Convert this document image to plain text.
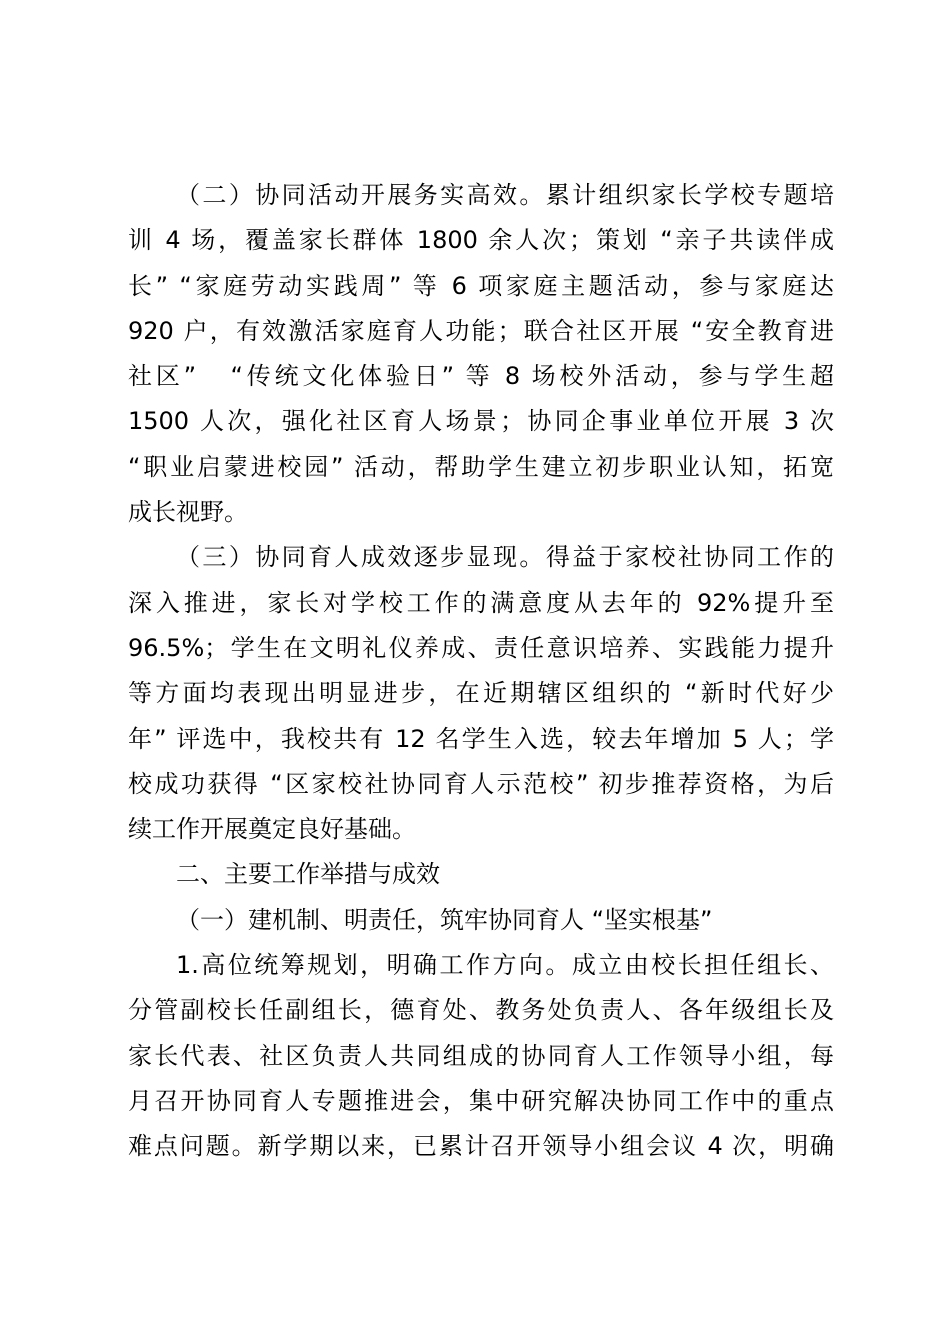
（二）协同活动开展务实高效。累计组织家长学校专题培
训 4 场，覆盖家长群体 1800 余人次；策划 “亲子共读伴成
长” “家庭劳动实践周” 等 6 项家庭主题活动，参与家庭达
920 户，有效激活家庭育人功能；联合社区开展 “安全教育进
社区”   “传统文化体验日” 等 8 场校外活动，参与学生超
1500 人次，强化社区育人场景；协同企事业单位开展 3 次
“职业启蒙进校园” 活动，帮助学生建立初步职业认知，拓宽
成长视野。
（三）协同育人成效逐步显现。得益于家校社协同工作的
深入推进，家长对学校工作的满意度从去年的 92%提升至
96.5%；学生在文明礼仪养成、责任意识培养、实践能力提升
等方面均表现出明显进步，在近期辖区组织的 “新时代好少
年” 评选中，我校共有 12 名学生入选，较去年增加 5 人；学
校成功获得 “区家校社协同育人示范校” 初步推荐资格，为后
续工作开展奠定良好基础。
二、主要工作举措与成效
（一）建机制、明责任，筑牢协同育人 “坚实根基”
1.高位统筹规划，明确工作方向。成立由校长担任组长、
分管副校长任副组长，德育处、教务处负责人、各年级组长及
家长代表、社区负责人共同组成的协同育人工作领导小组，每
月召开协同育人专题推进会，集中研究解决协同工作中的重点
难点问题。新学期以来，已累计召开领导小组会议 4 次，明确
